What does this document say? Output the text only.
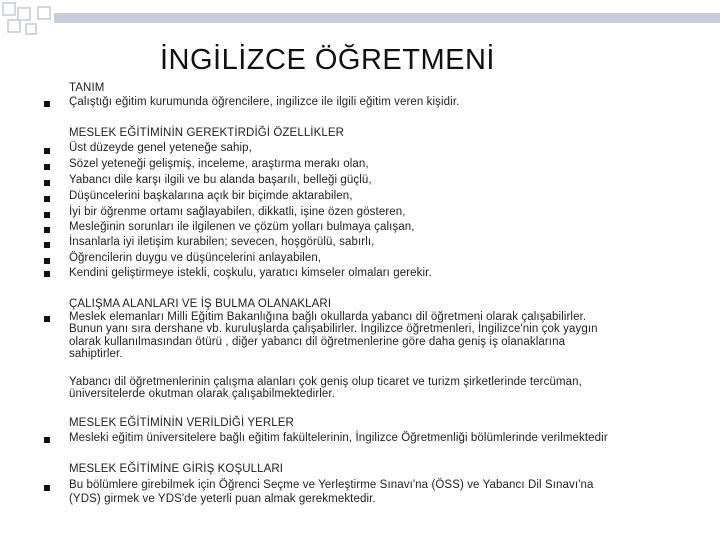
İNGİLİZCE ÖĞRETMENİ
TANIM
Çalıştığı eğitim kurumunda öğrencilere, ingilizce ile ilgili eğitim veren kişidir.
MESLEK EĞİTİMİNİN GEREKTİRDİĞİ ÖZELLİKLER
Üst düzeyde genel yeteneğe sahip,
Sözel yeteneği gelişmiş, inceleme, araştırma merakı olan,
Yabancı dile karşı ilgili ve bu alanda başarılı, belleği güçlü,
Düşüncelerini başkalarına açık bir biçimde aktarabilen,
İyi bir öğrenme ortamı sağlayabilen, dikkatli, işine özen gösteren,
Mesleğinin sorunları ile ilgilenen ve çözüm yolları bulmaya çalışan,
İnsanlarla iyi iletişim kurabilen; sevecen, hoşgörülü, sabırlı,
Öğrencilerin duygu ve düşüncelerini anlayabilen,
Kendini geliştirmeye istekli, coşkulu, yaratıcı kimseler olmaları gerekir.
ÇALIŞMA ALANLARI VE İŞ BULMA OLANAKLARI
Meslek elemanları Milli Eğitim Bakanlığına bağlı okullarda yabancı dil öğretmeni olarak çalışabilirler.
Bunun yanı sıra dershane vb. kuruluşlarda çalışabilirler. İngilizce öğretmenleri, İngilizce'nin çok yaygın
olarak kullanılmasından ötürü , diğer yabancı dil öğretmenlerine göre daha geniş iş olanaklarına
sahiptirler.
Yabancı dil öğretmenlerinin çalışma alanları çok geniş olup ticaret ve turizm şirketlerinde tercüman,
üniversitelerde okutman olarak çalışabilmektedirler.
MESLEK EĞİTİMİNİN VERİLDİĞİ YERLER
Mesleki eğitim üniversitelere bağlı eğitim fakültelerinin, İngilizce Öğretmenliği bölümlerinde verilmektedir
MESLEK EĞİTİMİNE GİRİŞ KOŞULLARI
Bu bölümlere girebilmek için Öğrenci Seçme ve Yerleştirme Sınavı'na (ÖSS) ve Yabancı Dil Sınavı'na
(YDS) girmek ve YDS'de yeterli puan almak gerekmektedir.
